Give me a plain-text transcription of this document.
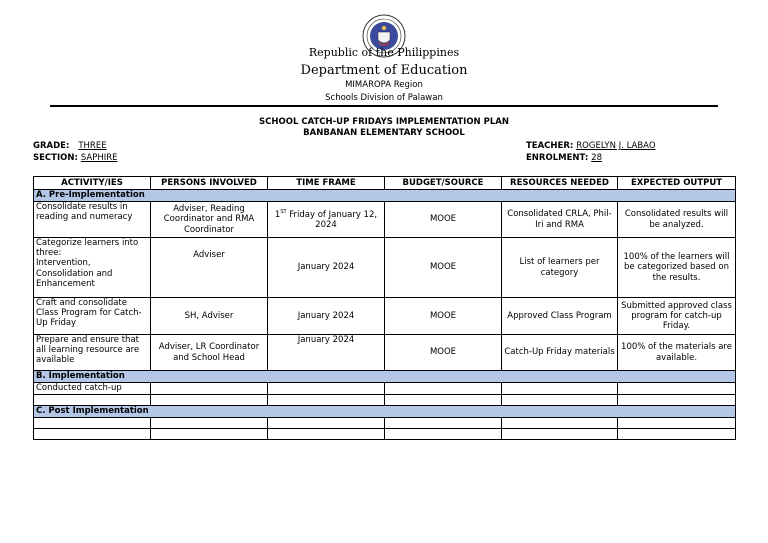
Republic of the Philippines
Department of Education
MIMAROPA Region
Schools Division of Palawan
SCHOOL CATCH-UP FRIDAYS IMPLEMENTATION PLAN
BANBANAN ELEMENTARY SCHOOL
GRADE: THREE
SECTION: SAPHIRE
TEACHER: ROGELYN J. LABAO
ENROLMENT: 28
ACTIVITY/IES	PERSONS INVOLVED	TIME FRAME	BUDGET/SOURCE	RESOURCES NEEDED	EXPECTED OUTPUT
A. Pre-Implementation					
Consolidate results in reading and numeracy	Adviser, Reading Coordinator and RMA Coordinator	1ST Friday of January 12, 2024	MOOE	Consolidated CRLA, Phil-Iri and RMA	Consolidated results will be analyzed.

Categorize learners into three:
Intervention,
Consolidation and
Enhancement	Adviser	January 2024	MOOE	List of learners per category	100% of the learners will be categorized based on the results.
Craft and consolidate Class Program for Catch-Up Friday	SH, Adviser	January 2024	MOOE	Approved Class Program	Submitted approved class program for catch-up Friday.
Prepare and ensure that all learning resource are available	Adviser, LR Coordinator and School Head	January 2024	MOOE	Catch-Up Friday materials	100% of the materials are available.
B. Implementation					
Conducted catch-up					

C. Post Implementation					
